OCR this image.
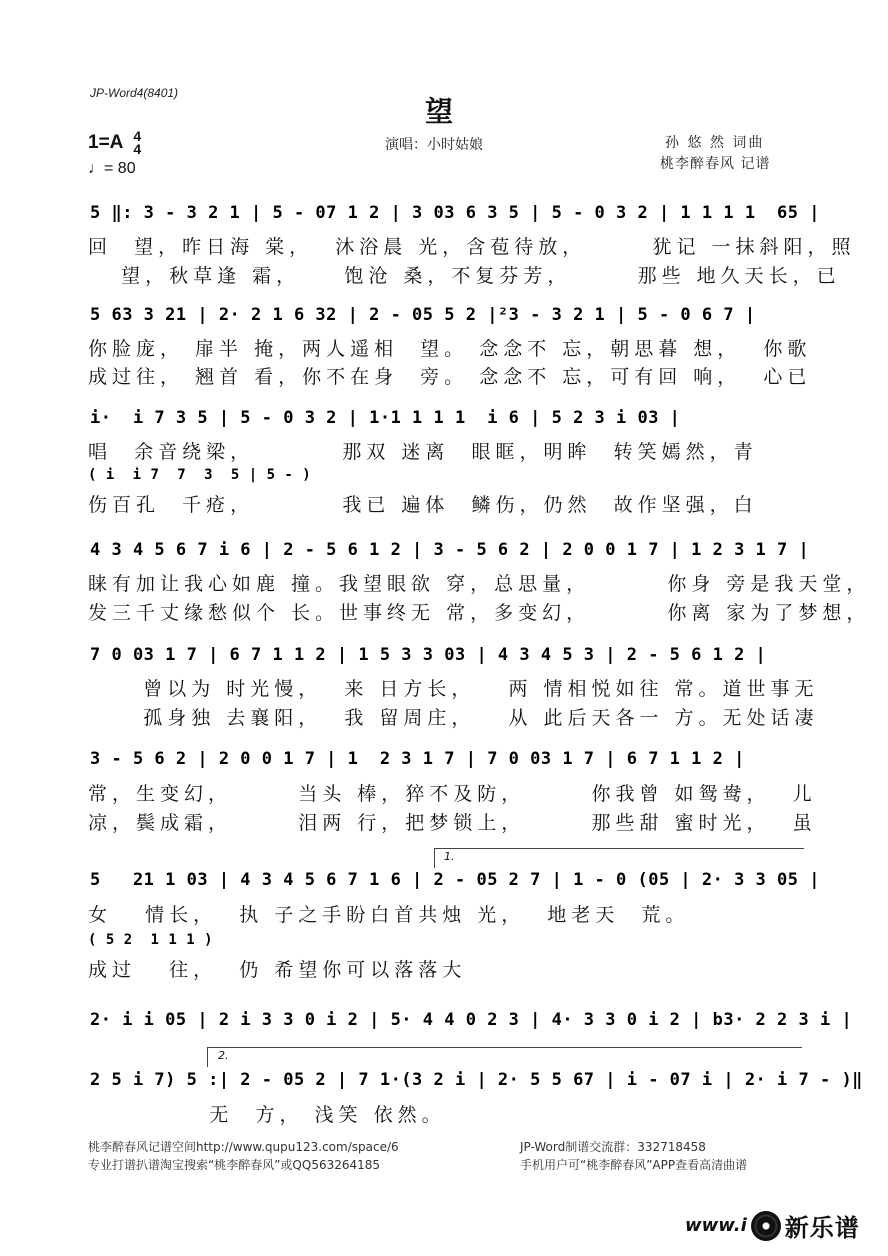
JP-Word4(8401)
望
1=A 4
4
♩= 80
演唱：小时姑娘	孙 悠 然 词曲
桃李醉春风 记谱
5 ‖: 3 - 3 2 1 | 5 - 07 1 2 | 3 03 6 3 5 | 5 - 0 3 2 | 1 1 1 1  65 |
回  望，昨日海 棠，  沐浴晨 光，含苞待放，      犹记 一抹斜阳，照
望，秋草逢 霜，    饱沧 桑，不复芬芳，      那些 地久天长，已
5 63 3 21 | 2· 2 1 6 32 | 2 - 05 5 2 |²3 - 3 2 1 | 5 - 0 6 7 |
你脸庞， 扉半 掩，两人遥相  望。 念念不 忘，朝思暮 想，  你歌
成过往， 翘首 看，你不在身  旁。 念念不 忘，可有回 响，  心已
i·  i 7 3 5 | 5 - 0 3 2 | 1·1 1 1 1  i 6 | 5 2 3 i 03 |
唱  余音绕梁，        那双 迷离  眼眶，明眸  转笑嫣然，青
( i  i 7  7  3  5 | 5 - )
伤百孔  千疮，        我已 遍体  鳞伤，仍然  故作坚强，白
4 3 4 5 6 7 i 6 | 2 - 5 6 1 2 | 3 - 5 6 2 | 2 0 0 1 7 | 1 2 3 1 7 |
睐有加让我心如鹿 撞。我望眼欲 穿，总思量，       你身 旁是我天堂，
发三千丈缘愁似个 长。世事终无 常，多变幻，       你离 家为了梦想，
7 0 03 1 7 | 6 7 1 1 2 | 1 5 3 3 03 | 4 3 4 5 3 | 2 - 5 6 1 2 |
曾以为 时光慢，  来 日方长，   两 情相悦如往 常。道世事无
孤身独 去襄阳，  我 留周庄，   从 此后天各一 方。无处话凄
3 - 5 6 2 | 2 0 0 1 7 | 1  2 3 1 7 | 7 0 03 1 7 | 6 7 1 1 2 |
常，生变幻，      当头 棒，猝不及防，      你我曾 如鸳鸯，  儿
凉，鬓成霜，      泪两 行，把梦锁上，      那些甜 蜜时光，  虽
1.
5   21 1 03 | 4 3 4 5 6 7 1 6 | 2 - 05 2 7 | 1 - 0 (05 | 2· 3 3 05 |
女   情长，  执 子之手盼白首共烛 光，  地老天  荒。
( 5 2  1 1 1 )
成过   往，  仍 希望你可以落落大
2· i i 05 | 2 i 3 3 0 i 2 | 5· 4 4 0 2 3 | 4· 3 3 0 i 2 | b3· 2 2 3 i |
2.
2 5 i 7) 5 :| 2 - 05 2 | 7 1·(3 2 i | 2· 5 5 67 | i - 07 i | 2· i 7 - )‖
无  方， 浅笑 依然。
桃李醉春风记谱空间http://www.qupu123.com/space/6
专业打谱扒谱淘宝搜索“桃李醉春风”或QQ563264185
JP-Word制谱交流群：332718458
手机用户可“桃李醉春风”APP查看高清曲谱
www.i 新乐谱
